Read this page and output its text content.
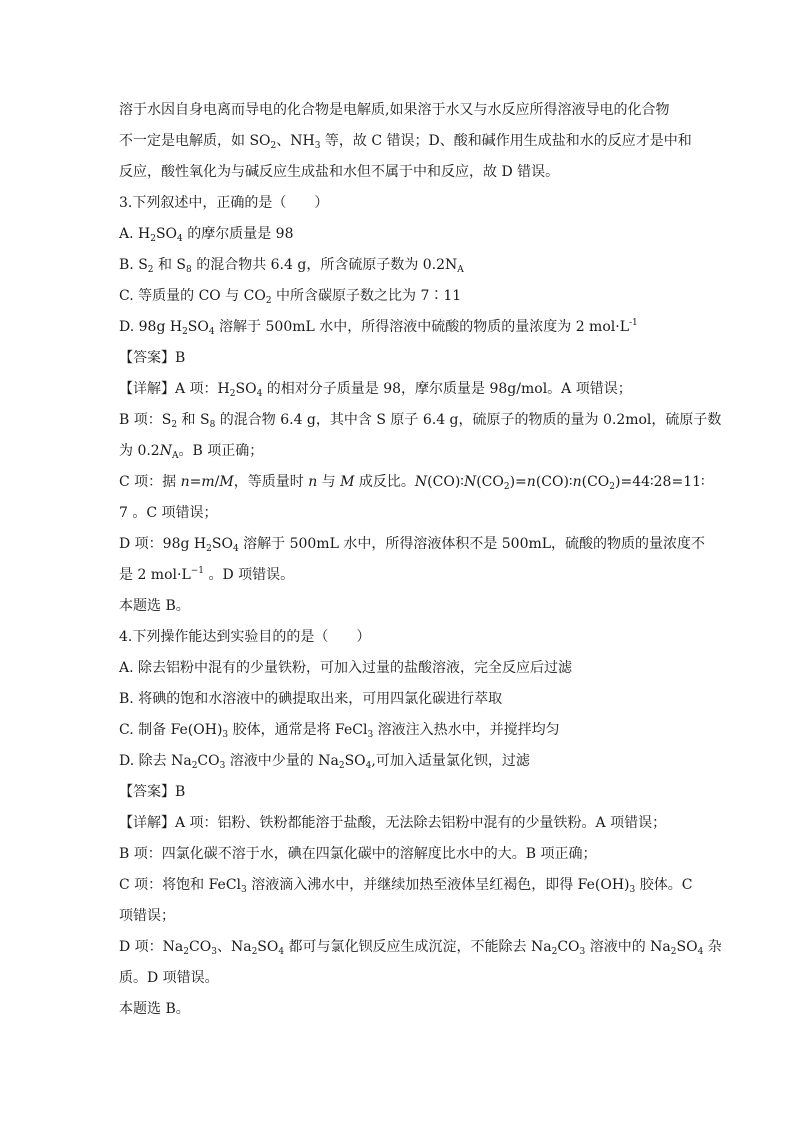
溶于水因自身电离而导电的化合物是电解质,如果溶于水又与水反应所得溶液导电的化合物
不一定是电解质，如 $SO_2$、$NH_3$ 等，故 C 错误；D、酸和碱作用生成盐和水的反应才是中和
反应，酸性氧化为与碱反应生成盐和水但不属于中和反应，故 D 错误。
3.下列叙述中，正确的是（　　）
A. $H_2SO_4$ 的摩尔质量是 98
B. $S_2$ 和 $S_8$ 的混合物共 6.4 g，所含硫原子数为 $0.2N_A$
C. 等质量的 CO 与 $CO_2$ 中所含碳原子数之比为 7∶11
D. 98g $H_2SO_4$ 溶解于 500mL 水中，所得溶液中硫酸的物质的量浓度为 2 $mol\cdot L^{-1}$
【答案】B
【详解】A 项：$H_2SO_4$ 的相对分子质量是 98，摩尔质量是 98g/mol。A 项错误；
B 项：$S_2$ 和 $S_8$ 的混合物 6.4 g，其中含 S 原子 6.4 g，硫原子的物质的量为 0.2mol，硫原子数
为 $0.2N_A$。B 项正确；
C 项：据 n=m/M，等质量时 n 与 M 成反比。$N(CO)∶N(CO_2)=n(CO)∶n(CO_2)=44∶28=11∶$
7 。C 项错误；
D 项：98g $H_2SO_4$ 溶解于 500mL 水中，所得溶液体积不是 500mL，硫酸的物质的量浓度不
是 2 $mol\cdot L^{-1}$ 。D 项错误。
本题选 B。
4.下列操作能达到实验目的的是（　　）
A. 除去铝粉中混有的少量铁粉，可加入过量的盐酸溶液，完全反应后过滤
B. 将碘的饱和水溶液中的碘提取出来，可用四氯化碳进行萃取
C. 制备 $Fe(OH)_3$ 胶体，通常是将 FeCl$_3$ 溶液注入热水中，并搅拌均匀
D. 除去 $Na_2CO_3$ 溶液中少量的 $Na_2SO_4$,可加入适量氯化钡，过滤
【答案】B
【详解】A 项：铝粉、铁粉都能溶于盐酸，无法除去铝粉中混有的少量铁粉。A 项错误；
B 项：四氯化碳不溶于水，碘在四氯化碳中的溶解度比水中的大。B 项正确；
C 项：将饱和 FeCl$_3$ 溶液滴入沸水中，并继续加热至液体呈红褐色，即得 $Fe(OH)_3$ 胶体。C
项错误；
D 项：$Na_2CO_3$、$Na_2SO_4$ 都可与氯化钡反应生成沉淀，不能除去 $Na_2CO_3$ 溶液中的 $Na_2SO_4$ 杂
质。D 项错误。
本题选 B。
